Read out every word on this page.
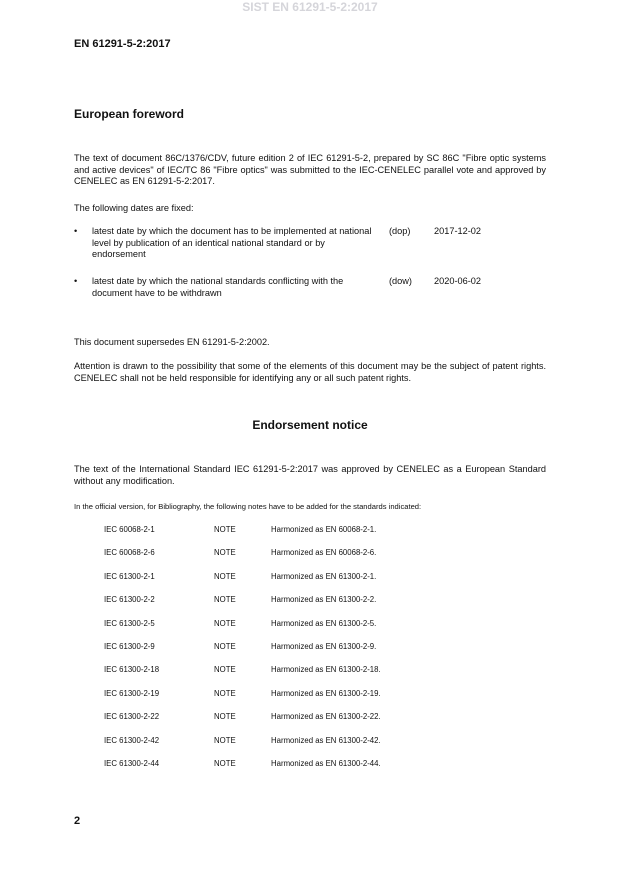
SIST EN 61291-5-2:2017
EN 61291-5-2:2017
European foreword
The text of document 86C/1376/CDV, future edition 2 of IEC 61291-5-2, prepared by SC 86C "Fibre optic systems and active devices" of IEC/TC 86 "Fibre optics" was submitted to the IEC-CENELEC parallel vote and approved by CENELEC as EN 61291-5-2:2017.
The following dates are fixed:
• latest date by which the document has to be implemented at national level by publication of an identical national standard or by endorsement
(dop)	2017-12-02
• latest date by which the national standards conflicting with the document have to be withdrawn
(dow) 2020-06-02
This document supersedes EN 61291-5-2:2002.
Attention is drawn to the possibility that some of the elements of this document may be the subject of patent rights. CENELEC shall not be held responsible for identifying any or all such patent rights.
Endorsement notice
The text of the International Standard IEC 61291-5-2:2017 was approved by CENELEC as a European Standard without any modification.
In the official version, for Bibliography, the following notes have to be added for the standards indicated:
IEC 60068-2-1	NOTE	Harmonized as EN 60068-2-1.
IEC 60068-2-6	NOTE	Harmonized as EN 60068-2-6.
IEC 61300-2-1	NOTE	Harmonized as EN 61300-2-1.
IEC 61300-2-2	NOTE	Harmonized as EN 61300-2-2.
IEC 61300-2-5	NOTE	Harmonized as EN 61300-2-5.
IEC 61300-2-9	NOTE	Harmonized as EN 61300-2-9.
IEC 61300-2-18	NOTE	Harmonized as EN 61300-2-18.
IEC 61300-2-19	NOTE	Harmonized as EN 61300-2-19.
IEC 61300-2-22	NOTE	Harmonized as EN 61300-2-22.
IEC 61300-2-42	NOTE	Harmonized as EN 61300-2-42.
IEC 61300-2-44	NOTE	Harmonized as EN 61300-2-44.
2
